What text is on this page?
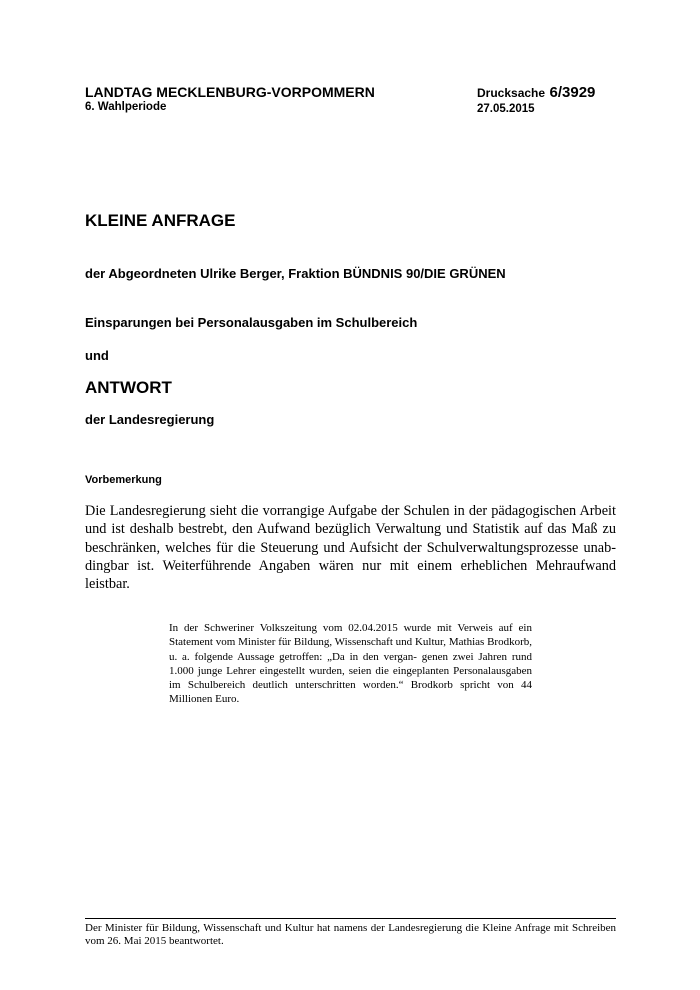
LANDTAG MECKLENBURG-VORPOMMERN
6. Wahlperiode
Drucksache 6/3929
27.05.2015
KLEINE ANFRAGE
der Abgeordneten Ulrike Berger, Fraktion BÜNDNIS 90/DIE GRÜNEN
Einsparungen bei Personalausgaben im Schulbereich
und
ANTWORT
der Landesregierung
Vorbemerkung
Die Landesregierung sieht die vorrangige Aufgabe der Schulen in der pädagogischen Arbeit und ist deshalb bestrebt, den Aufwand bezüglich Verwaltung und Statistik auf das Maß zu beschränken, welches für die Steuerung und Aufsicht der Schulverwaltungsprozesse unab- dingbar ist. Weiterführende Angaben wären nur mit einem erheblichen Mehraufwand leistbar.
In der Schweriner Volkszeitung vom 02.04.2015 wurde mit Verweis auf ein Statement vom Minister für Bildung, Wissenschaft und Kultur, Mathias Brodkorb, u. a. folgende Aussage getroffen: „Da in den vergan- genen zwei Jahren rund 1.000 junge Lehrer eingestellt wurden, seien die eingeplanten Personalausgaben im Schulbereich deutlich unterschritten worden.“ Brodkorb spricht von 44 Millionen Euro.
Der Minister für Bildung, Wissenschaft und Kultur hat namens der Landesregierung die Kleine Anfrage mit Schreiben vom 26. Mai 2015 beantwortet.
